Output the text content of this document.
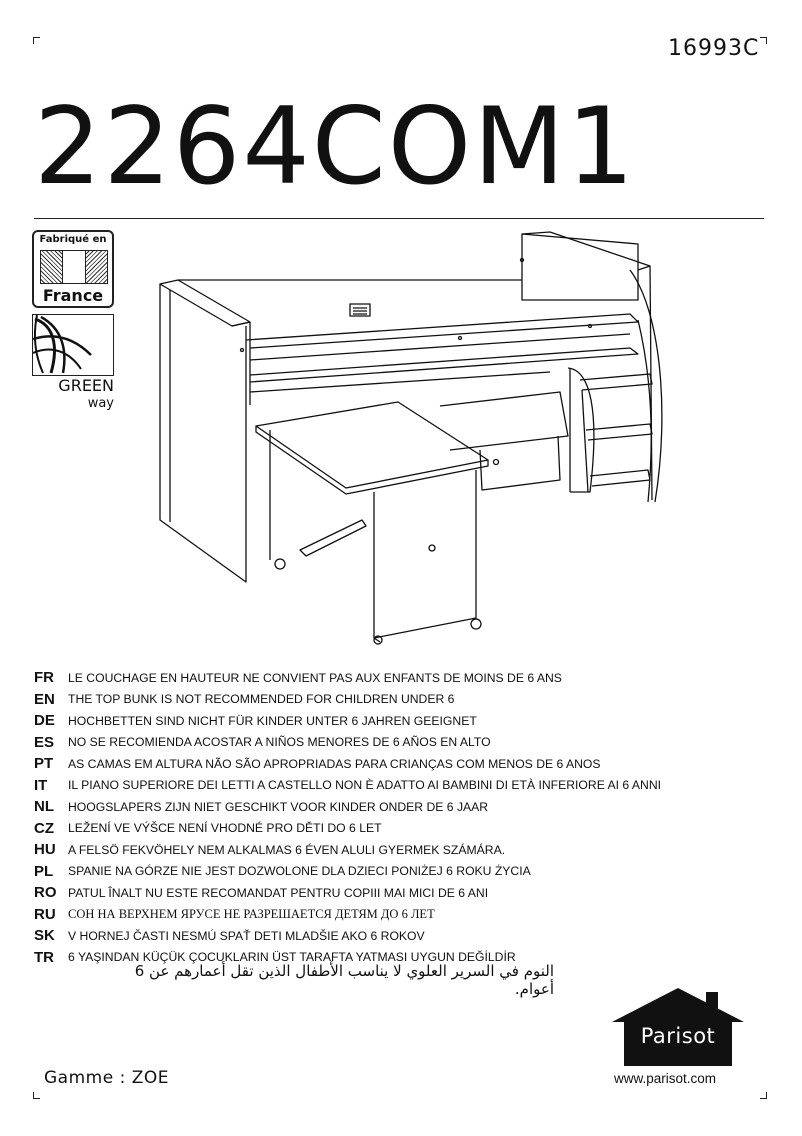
16993C
2264COM1
Fabriqué en
France
GREEN
way
FR	LE COUCHAGE EN HAUTEUR NE CONVIENT PAS AUX ENFANTS DE MOINS DE 6 ANS
EN	THE TOP BUNK IS NOT RECOMMENDED FOR CHILDREN UNDER 6
DE	HOCHBETTEN SIND NICHT FÜR KINDER UNTER 6 JAHREN GEEIGNET
ES	NO SE RECOMIENDA ACOSTAR A NIÑOS MENORES DE 6 AÑOS EN ALTO
PT	AS CAMAS EM ALTURA NÃO SÃO APROPRIADAS PARA CRIANÇAS COM MENOS DE 6 ANOS
IT	IL PIANO SUPERIORE DEI LETTI A CASTELLO NON È ADATTO AI BAMBINI DI ETÀ INFERIORE AI 6 ANNI
NL	HOOGSLAPERS ZIJN NIET GESCHIKT VOOR KINDER ONDER DE 6 JAAR
CZ	LEŽENÍ VE VÝŠCE NENÍ VHODNÉ PRO DĚTI DO 6 LET
HU	A FELSÖ FEKVÖHELY NEM ALKALMAS 6 ÉVEN ALULI GYERMEK SZÁMÁRA.
PL	SPANIE NA GÓRZE NIE JEST DOZWOLONE DLA DZIECI PONIŻEJ 6 ROKU ŻYCIA
RO PATUL ÎNALT NU ESTE RECOMANDAT PENTRU COPIII MAI MICI DE 6 ANI
RU СОН НА ВЕРХНЕМ ЯРУСЕ НЕ РАЗРЕШАЕТСЯ ДЕТЯМ ДО 6 ЛЕТ
SK	V HORNEJ ČASTI NESMÚ SPAŤ DETI MLADŠIE AKO 6 ROKOV
TR	6 YAŞINDAN KÜÇÜK ÇOCUKLARIN ÜST TARAFTA YATMASI UYGUN DEĞİLDİR
النوم في السرير العلوي لا يناسب الأطفال الذين تقل أعمارهم عن 6 أعوام.
Gamme : ZOE
Parisot
www.parisot.com
